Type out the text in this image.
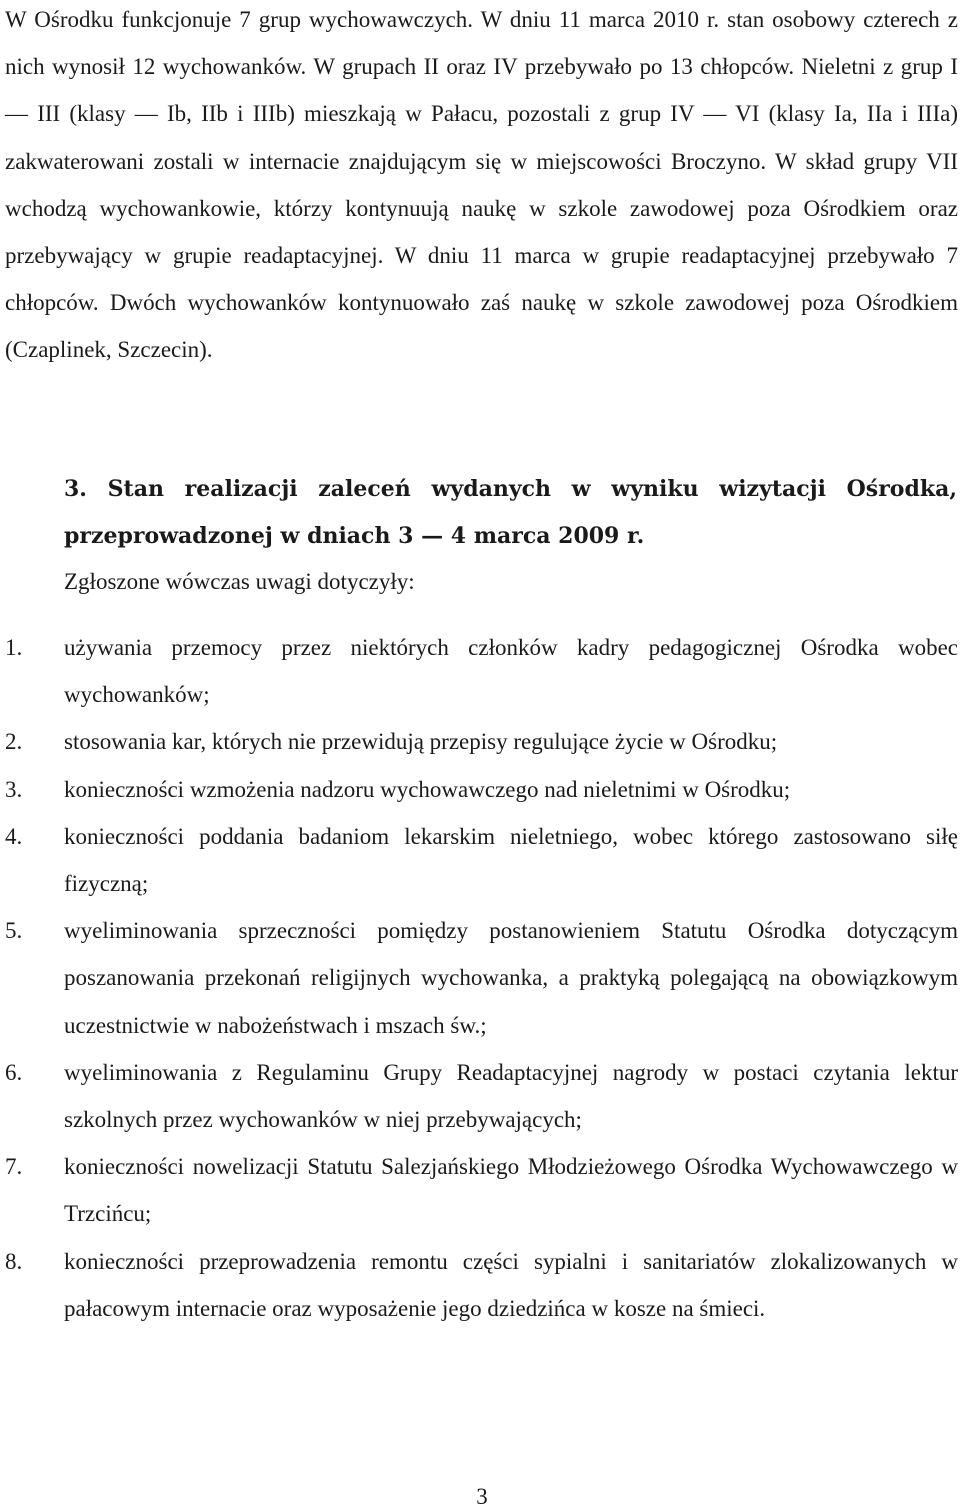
W Ośrodku funkcjonuje 7 grup wychowawczych. W dniu 11 marca 2010 r. stan osobowy czterech z nich wynosił 12 wychowanków. W grupach II oraz IV przebywało po 13 chłopców. Nieletni z grup I — III (klasy — Ib, IIb i IIIb) mieszkają w Pałacu, pozostali z grup IV — VI (klasy Ia, IIa i IIIa) zakwaterowani zostali w internacie znajdującym się w miejscowości Broczyno. W skład grupy VII wchodzą wychowankowie, którzy kontynuują naukę w szkole zawodowej poza Ośrodkiem oraz przebywający w grupie readaptacyjnej. W dniu 11 marca w grupie readaptacyjnej przebywało 7 chłopców. Dwóch wychowanków kontynuowało zaś naukę w szkole zawodowej poza Ośrodkiem (Czaplinek, Szczecin).

3. Stan realizacji zaleceń wydanych w wyniku wizytacji Ośrodka,
przeprowadzonej w dniach 3 — 4 marca 2009 r.

Zgłoszone wówczas uwagi dotyczyły:

1. używania przemocy przez niektórych członków kadry pedagogicznej Ośrodka wobec wychowanków;
2. stosowania kar, których nie przewidują przepisy regulujące życie w Ośrodku;
3. konieczności wzmożenia nadzoru wychowawczego nad nieletnimi w Ośrodku;
4. konieczności poddania badaniom lekarskim nieletniego, wobec którego zastosowano siłę fizyczną;
5. wyeliminowania sprzeczności pomiędzy postanowieniem Statutu Ośrodka dotyczącym poszanowania przekonań religijnych wychowanka, a praktyką polegającą na obowiązkowym uczestnictwie w nabożeństwach i mszach św.;
6. wyeliminowania z Regulaminu Grupy Readaptacyjnej nagrody w postaci czytania lektur szkolnych przez wychowanków w niej przebywających;
7. konieczności nowelizacji Statutu Salezjańskiego Młodzieżowego Ośrodka Wychowawczego w Trzcińcu;
8. konieczności przeprowadzenia remontu części sypialni i sanitariatów zlokalizowanych w pałacowym internacie oraz wyposażenie jego dziedzińca w kosze na śmieci.
3
